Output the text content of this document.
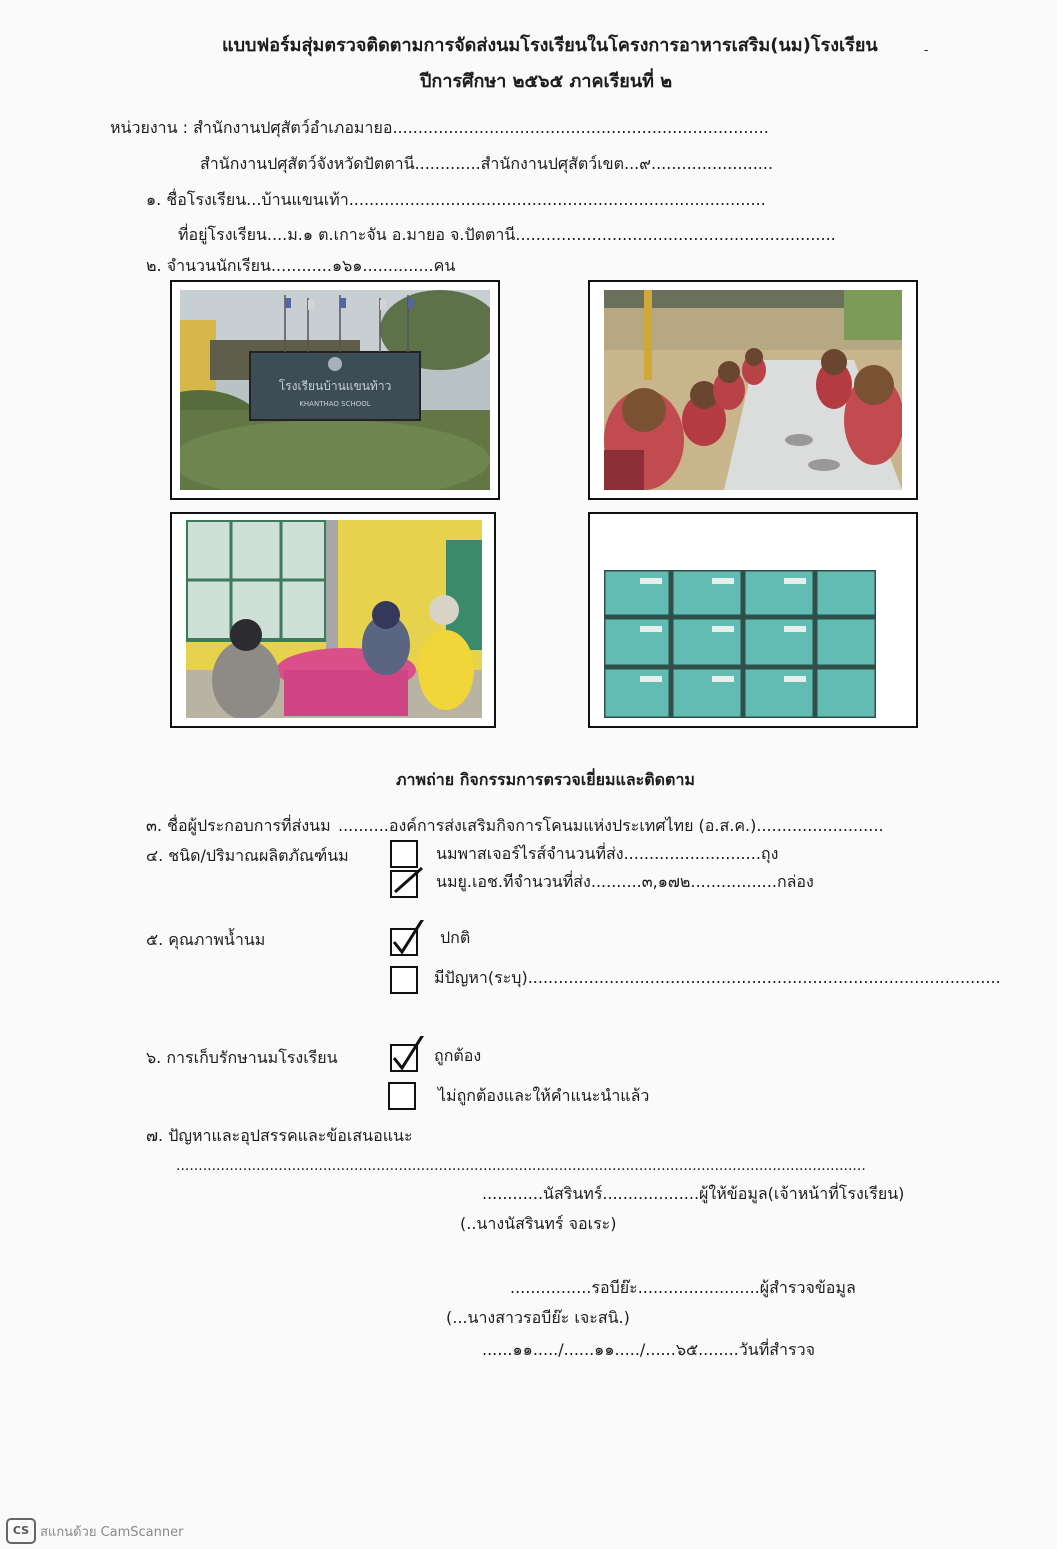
แบบฟอร์มสุ่มตรวจติดตามการจัดส่งนมโรงเรียนในโครงการอาหารเสริม(นม)โรงเรียน
ปีการศึกษา ๒๕๖๕ ภาคเรียนที่ ๒
-
หน่วยงาน : สำนักงานปศุสัตว์อำเภอมายอ..........................................................................
สำนักงานปศุสัตว์จังหวัดปัตตานี.............สำนักงานปศุสัตว์เขต...๙........................
๑. ชื่อโรงเรียน...บ้านแขนเท้า..................................................................................
ที่อยู่โรงเรียน....ม.๑ ต.เกาะจัน อ.มายอ จ.ปัตตานี...............................................................
๒. จำนวนนักเรียน............๑๖๑..............คน
โรงเรียนบ้านแขนท้าว
KHANTHAO SCHOOL
ภาพถ่าย กิจกรรมการตรวจเยี่ยมและติดตาม
๓. ชื่อผู้ประกอบการที่ส่งนม ..........องค์การส่งเสริมกิจการโคนมแห่งประเทศไทย (อ.ส.ค.).........................
๔. ชนิด/ปริมาณผลิตภัณฑ์นม	นมพาสเจอร์ไรส์จำนวนที่ส่ง...........................ถุง
นมยู.เอช.ทีจำนวนที่ส่ง..........๓,๑๗๒.................กล่อง
๕. คุณภาพน้ำนม	ปกติ
มีปัญหา(ระบุ).............................................................................................
๖. การเก็บรักษานมโรงเรียน	ถูกต้อง
ไม่ถูกต้องและให้คำแนะนำแล้ว
๗. ปัญหาและอุปสรรคและข้อเสนอแนะ
...........................................................................................................................................................
............นัสรินทร์...................ผู้ให้ข้อมูล(เจ้าหน้าที่โรงเรียน)
(..นางนัสรินทร์ จอเระ)
................รอบีย๊ะ........................ผู้สำรวจข้อมูล
(...นางสาวรอบีย๊ะ เจะสนิ.)
......๑๑...../......๑๑...../......๖๕........วันที่สำรวจ
CS สแกนด้วย CamScanner
